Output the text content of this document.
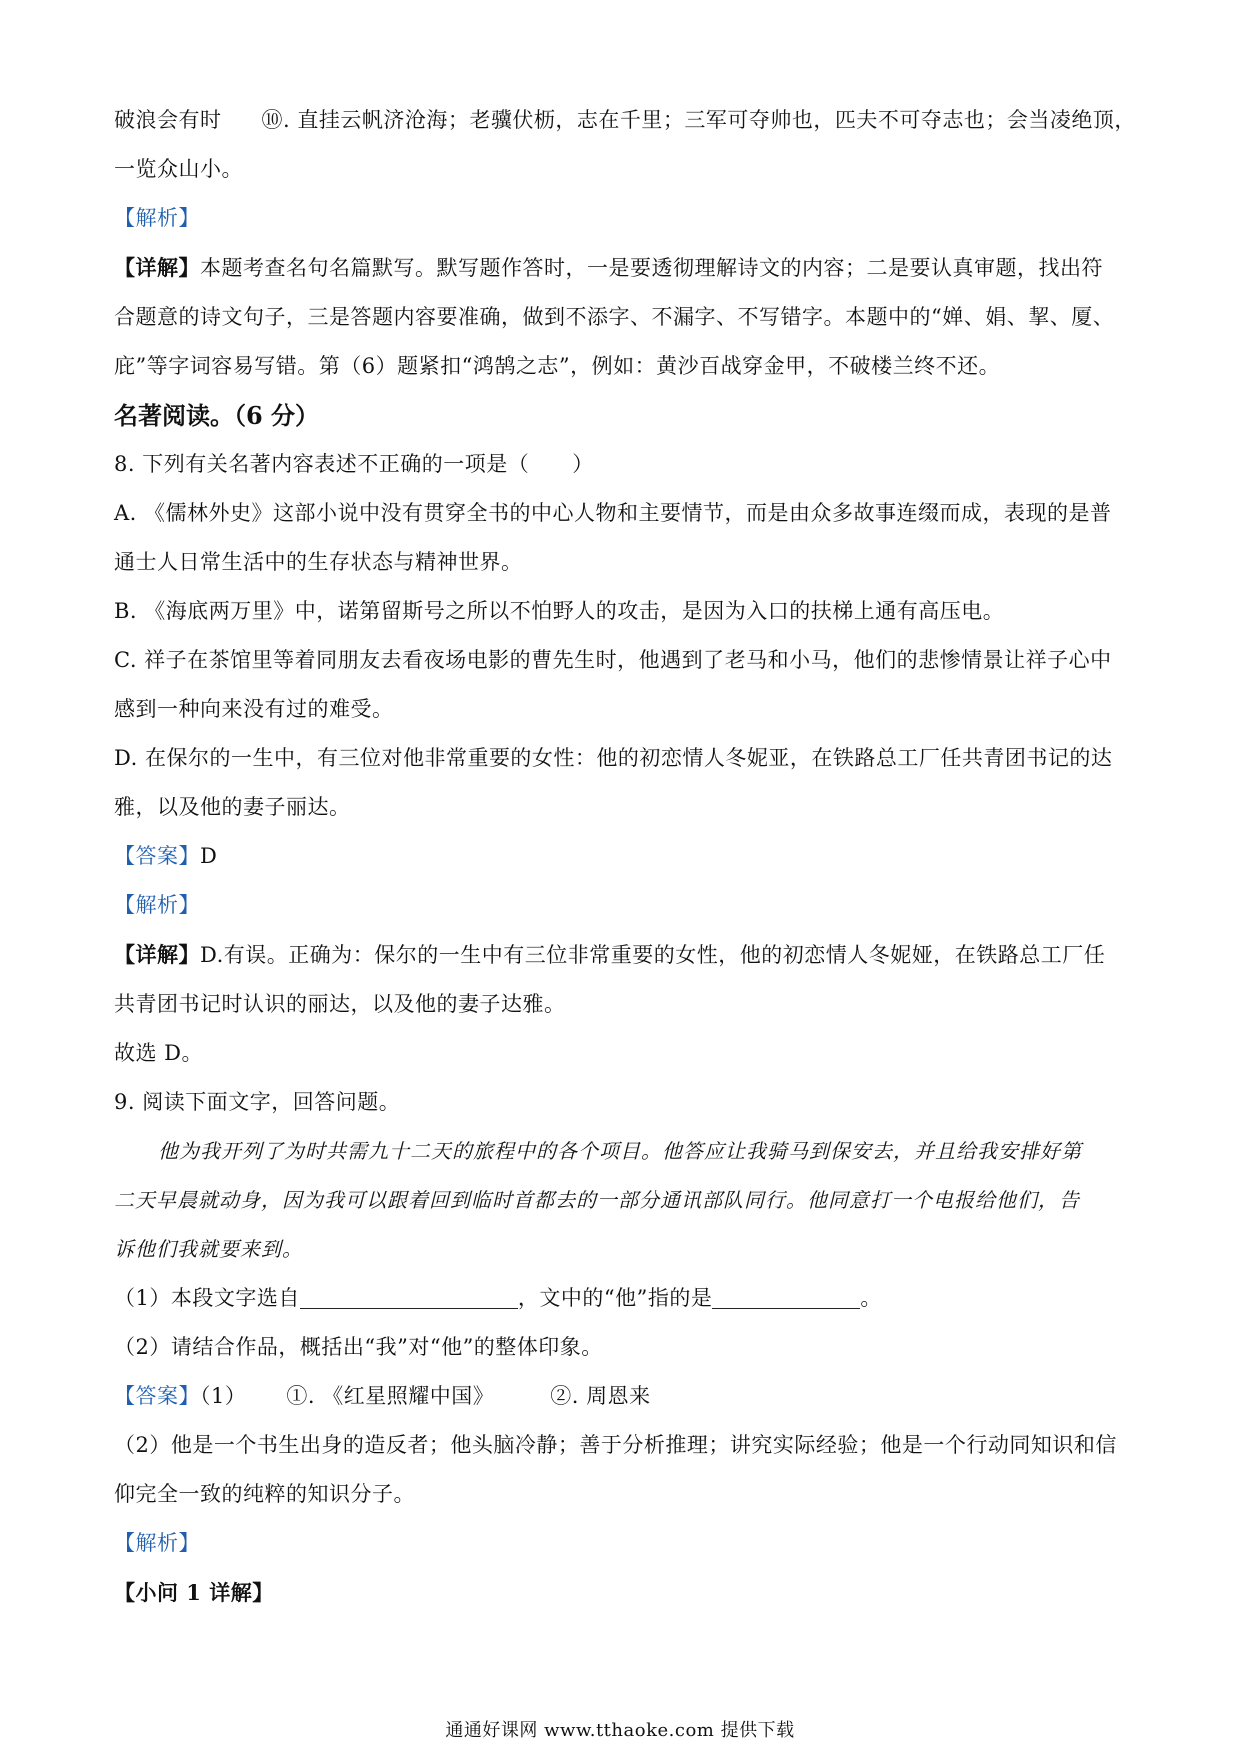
破浪会有时 ⑩. 直挂云帆济沧海；老骥伏枥，志在千里；三军可夺帅也，匹夫不可夺志也；会当凌绝顶，
一览众山小。
【解析】
【详解】本题考查名句名篇默写。默写题作答时，一是要透彻理解诗文的内容；二是要认真审题，找出符
合题意的诗文句子，三是答题内容要准确，做到不添字、不漏字、不写错字。本题中的“婵、娟、挈、厦、
庇”等字词容易写错。第（6）题紧扣“鸿鹄之志”，例如：黄沙百战穿金甲，不破楼兰终不还。
名著阅读。（6 分）
8. 下列有关名著内容表述不正确的一项是（　　）
A. 《儒林外史》这部小说中没有贯穿全书的中心人物和主要情节，而是由众多故事连缀而成，表现的是普
通士人日常生活中的生存状态与精神世界。
B. 《海底两万里》中，诺第留斯号之所以不怕野人的攻击，是因为入口的扶梯上通有高压电。
C. 祥子在茶馆里等着同朋友去看夜场电影的曹先生时，他遇到了老马和小马，他们的悲惨情景让祥子心中
感到一种向来没有过的难受。
D. 在保尔的一生中，有三位对他非常重要的女性：他的初恋情人冬妮亚，在铁路总工厂任共青团书记的达
雅，以及他的妻子丽达。
【答案】D
【解析】
【详解】D.有误。正确为：保尔的一生中有三位非常重要的女性，他的初恋情人冬妮娅，在铁路总工厂任
共青团书记时认识的丽达，以及他的妻子达雅。
故选 D。
9. 阅读下面文字，回答问题。
他为我开列了为时共需九十二天的旅程中的各个项目。他答应让我骑马到保安去，并且给我安排好第
二天早晨就动身，因为我可以跟着回到临时首都去的一部分通讯部队同行。他同意打一个电报给他们，告
诉他们我就要来到。
（1）本段文字选自	，文中的“他”指的是	。
（2）请结合作品，概括出“我”对“他”的整体印象。
【答案】（1） ①. 《红星照耀中国》	②. 周恩来
（2）他是一个书生出身的造反者；他头脑冷静；善于分析推理；讲究实际经验；他是一个行动同知识和信
仰完全一致的纯粹的知识分子。
【解析】
【小问 1 详解】
通通好课网 www.tthaoke.com 提供下载
